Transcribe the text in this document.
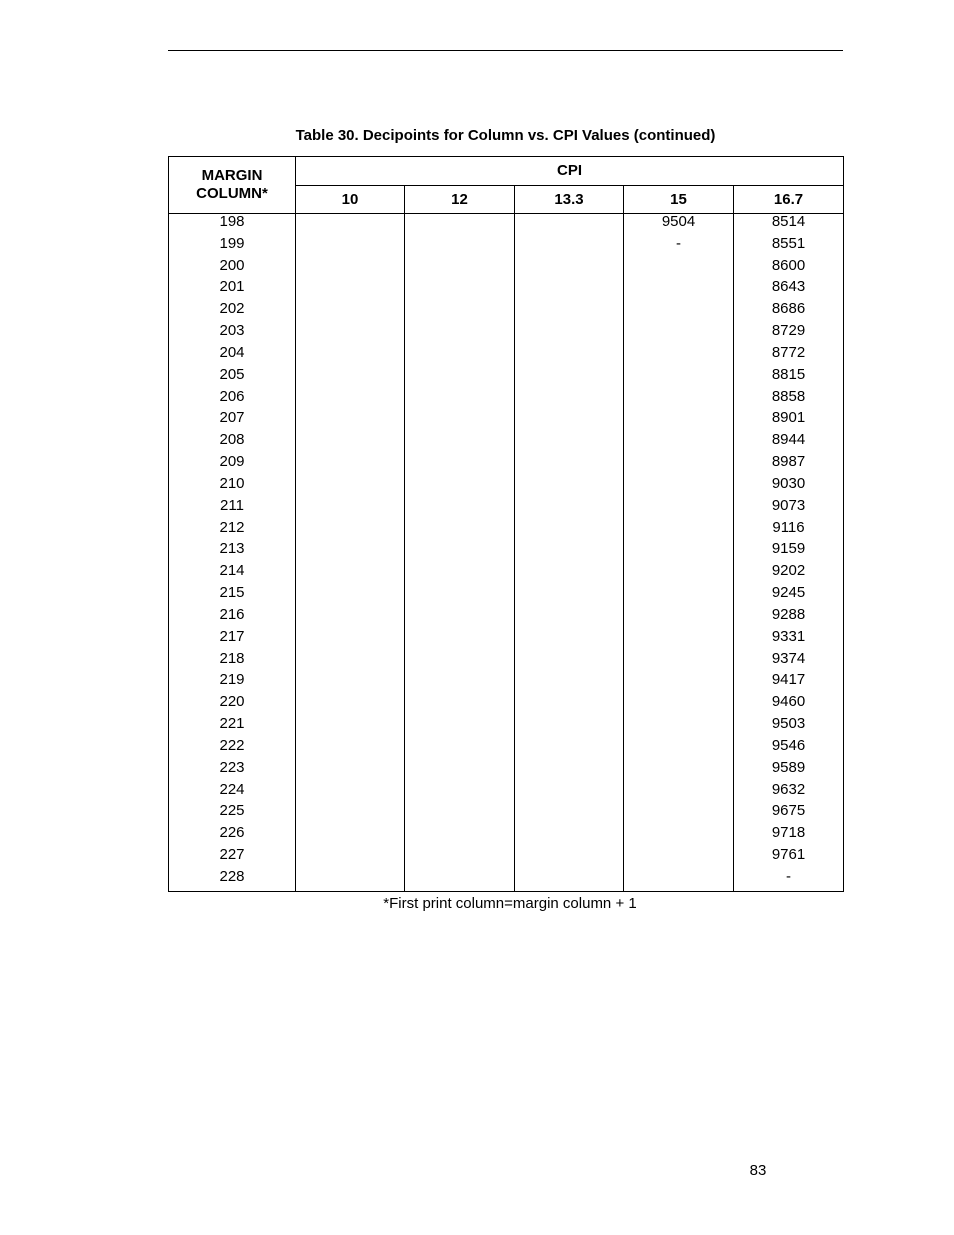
Table 30. Decipoints for Column vs. CPI Values (continued)
MARGIN
COLUMN*	CPI				
	10	12	13.3	15	16.7
198				9504	8514
199				-	8551
200					8600
201					8643
202					8686
203					8729
204					8772
205					8815
206					8858
207					8901
208					8944
209					8987
210					9030
211					9073
212					9116
213					9159
214					9202
215					9245
216					9288
217					9331
218					9374
219					9417
220					9460
221					9503
222					9546
223					9589
224					9632
225					9675
226					9718
227					9761
228					-
*First print column=margin column + 1
83
